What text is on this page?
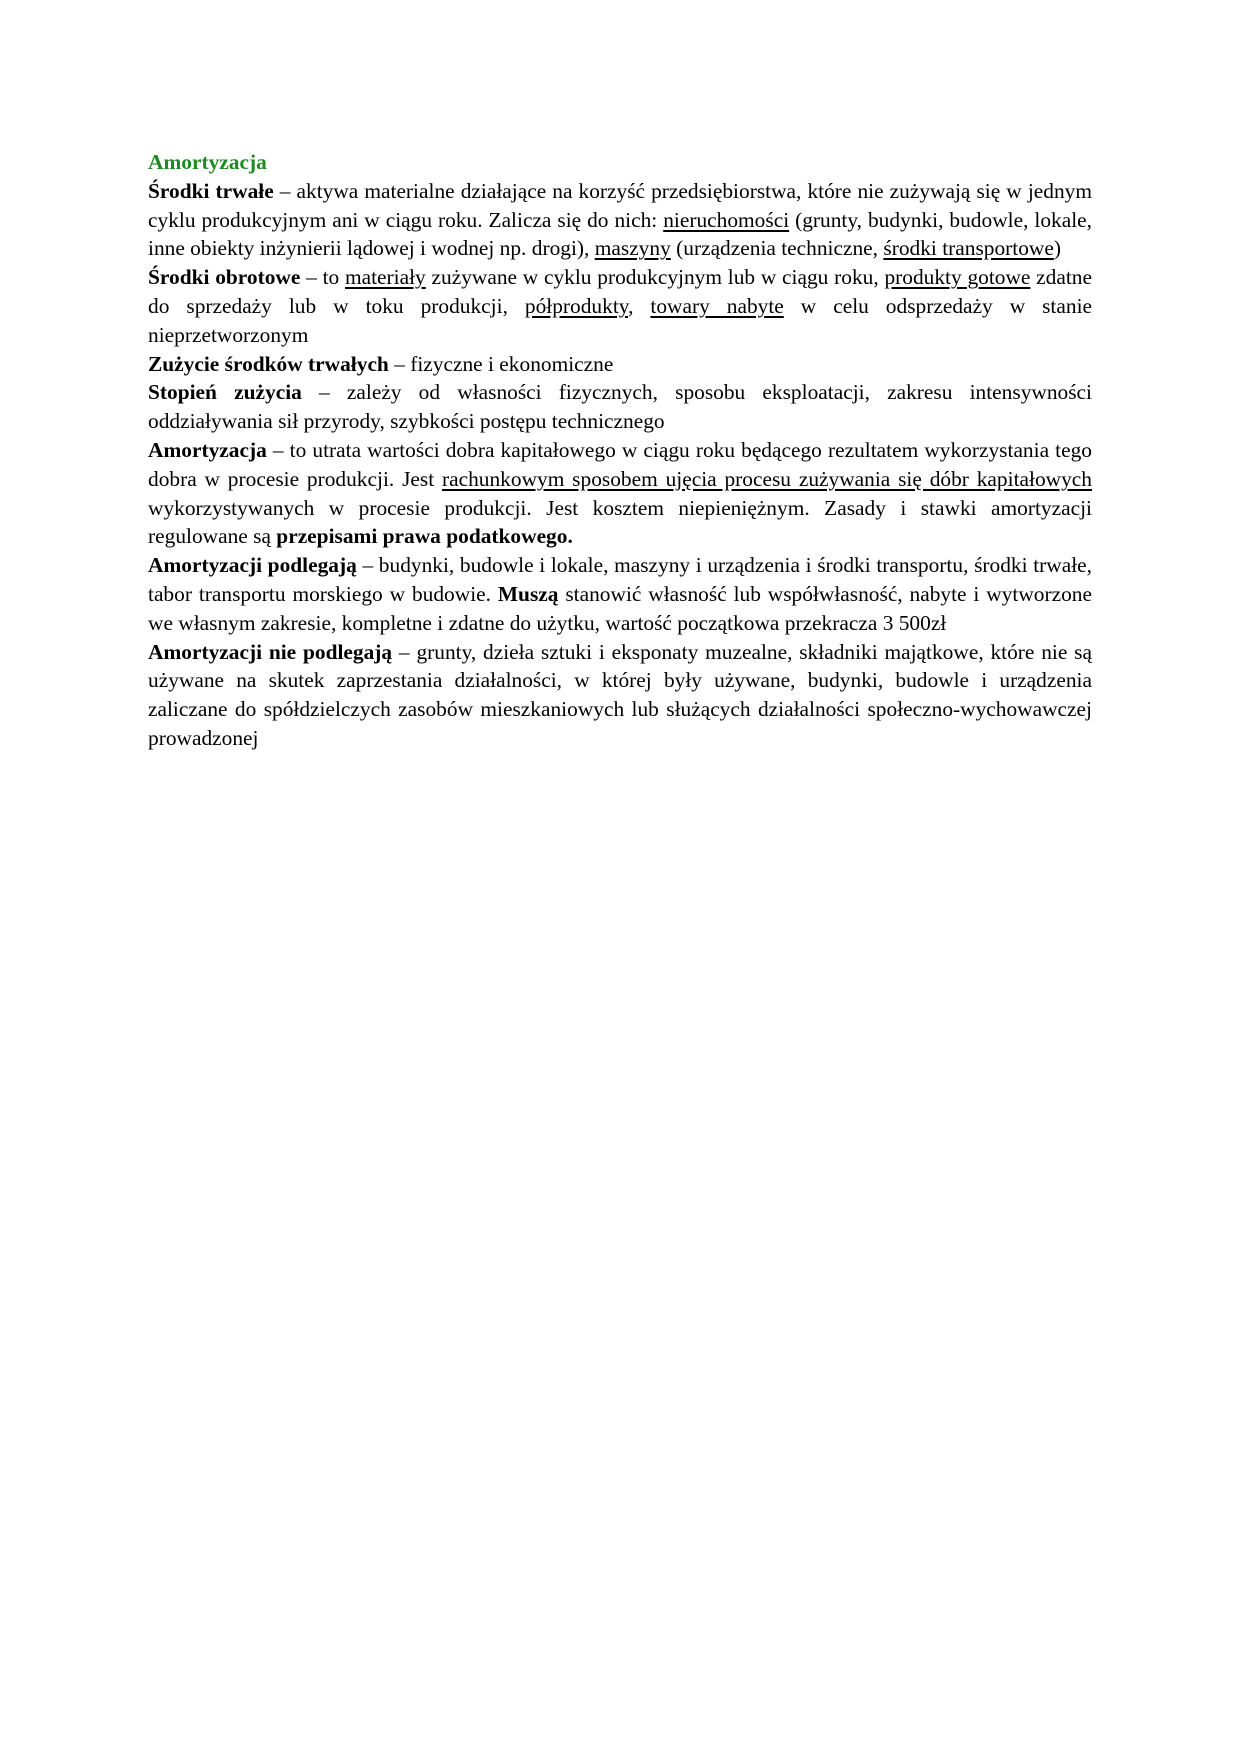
Amortyzacja

Środki trwałe – aktywa materialne działające na korzyść przedsiębiorstwa, które nie zużywają się w jednym cyklu produkcyjnym ani w ciągu roku. Zalicza się do nich: nieruchomości (grunty, budynki, budowle, lokale, inne obiekty inżynierii lądowej i wodnej np. drogi), maszyny (urządzenia techniczne, środki transportowe)

Środki obrotowe – to materiały zużywane w cyklu produkcyjnym lub w ciągu roku, produkty gotowe zdatne do sprzedaży lub w toku produkcji, półprodukty, towary nabyte w celu odsprzedaży w stanie nieprzetworzonym

Zużycie środków trwałych – fizyczne i ekonomiczne

Stopień zużycia – zależy od własności fizycznych, sposobu eksploatacji, zakresu intensywności oddziaływania sił przyrody, szybkości postępu technicznego

Amortyzacja – to utrata wartości dobra kapitałowego w ciągu roku będącego rezultatem wykorzystania tego dobra w procesie produkcji. Jest rachunkowym sposobem ujęcia procesu zużywania się dóbr kapitałowych wykorzystywanych w procesie produkcji. Jest kosztem niepieniężnym. Zasady i stawki amortyzacji regulowane są przepisami prawa podatkowego.

Amortyzacji podlegają – budynki, budowle i lokale, maszyny i urządzenia i środki transportu, środki trwałe, tabor transportu morskiego w budowie. Muszą stanowić własność lub współwłasność, nabyte i wytworzone we własnym zakresie, kompletne i zdatne do użytku, wartość początkowa przekracza 3 500zł

Amortyzacji nie podlegają – grunty, dzieła sztuki i eksponaty muzealne, składniki majątkowe, które nie są używane na skutek zaprzestania działalności, w której były używane, budynki, budowle i urządzenia zaliczane do spółdzielczych zasobów mieszkaniowych lub służących działalności społeczno-wychowawczej prowadzonej
